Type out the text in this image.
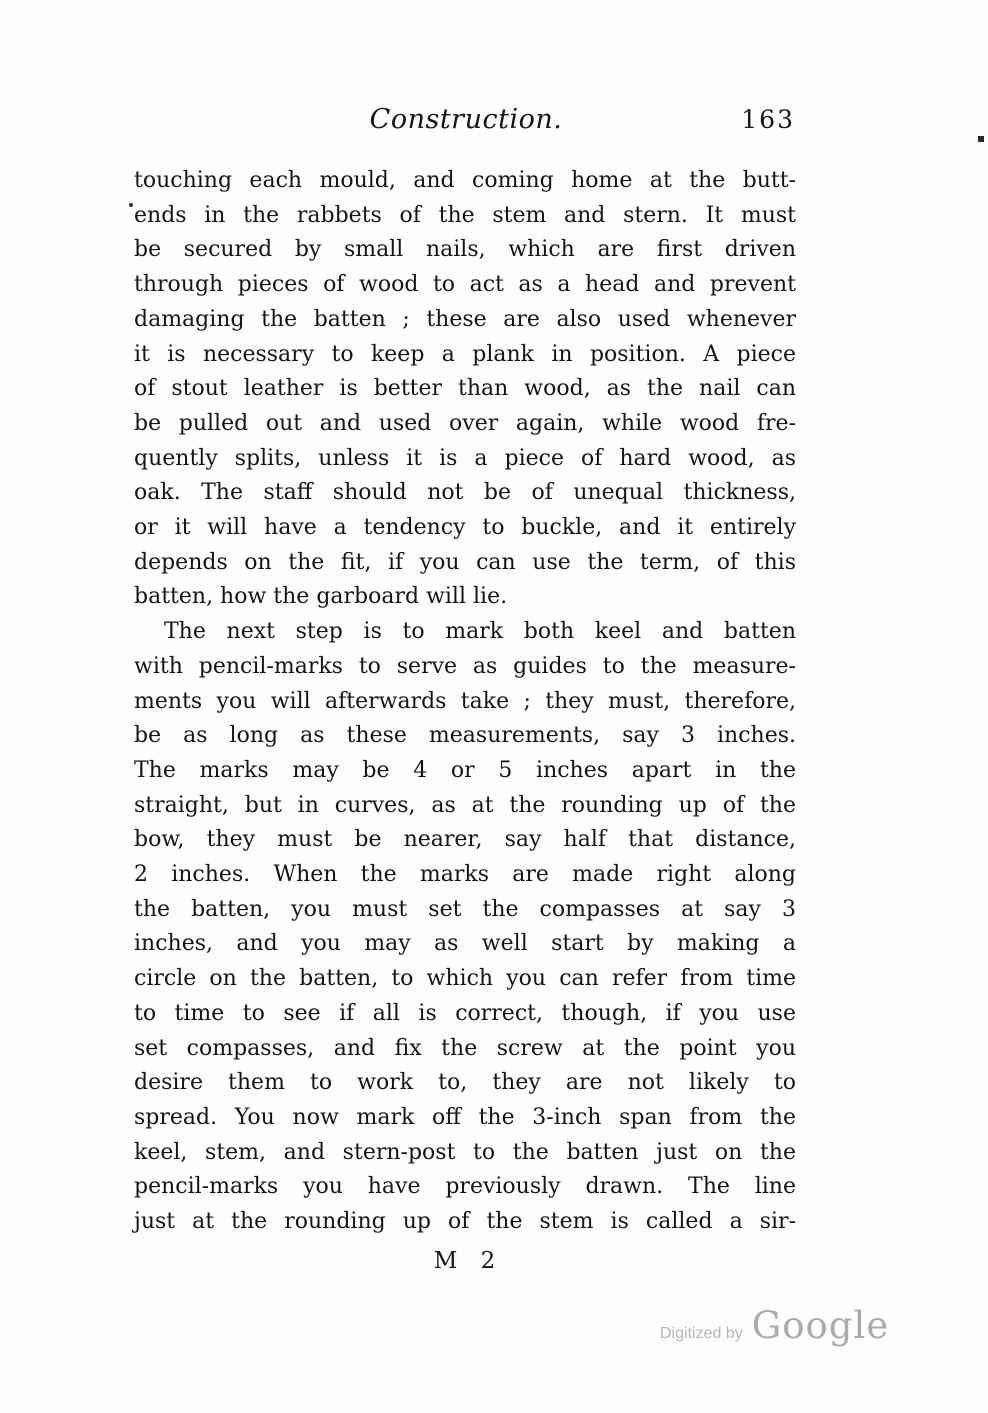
Construction.	163
touching each mould, and coming home at the butt-
ends in the rabbets of the stem and stern. It must
be secured by small nails, which are first driven
through pieces of wood to act as a head and prevent
damaging the batten ; these are also used whenever
it is necessary to keep a plank in position. A piece
of stout leather is better than wood, as the nail can
be pulled out and used over again, while wood fre-
quently splits, unless it is a piece of hard wood, as
oak. The staff should not be of unequal thickness,
or it will have a tendency to buckle, and it entirely
depends on the fit, if you can use the term, of this
batten, how the garboard will lie.
The next step is to mark both keel and batten
with pencil-marks to serve as guides to the measure-
ments you will afterwards take ; they must, therefore,
be as long as these measurements, say 3 inches.
The marks may be 4 or 5 inches apart in the
straight, but in curves, as at the rounding up of the
bow, they must be nearer, say half that distance,
2 inches. When the marks are made right along
the batten, you must set the compasses at say 3
inches, and you may as well start by making a
circle on the batten, to which you can refer from time
to time to see if all is correct, though, if you use
set compasses, and fix the screw at the point you
desire them to work to, they are not likely to
spread. You now mark off the 3-inch span from the
keel, stem, and stern-post to the batten just on the
pencil-marks you have previously drawn. The line
just at the rounding up of the stem is called a sir-
M 2
Digitized by Google
